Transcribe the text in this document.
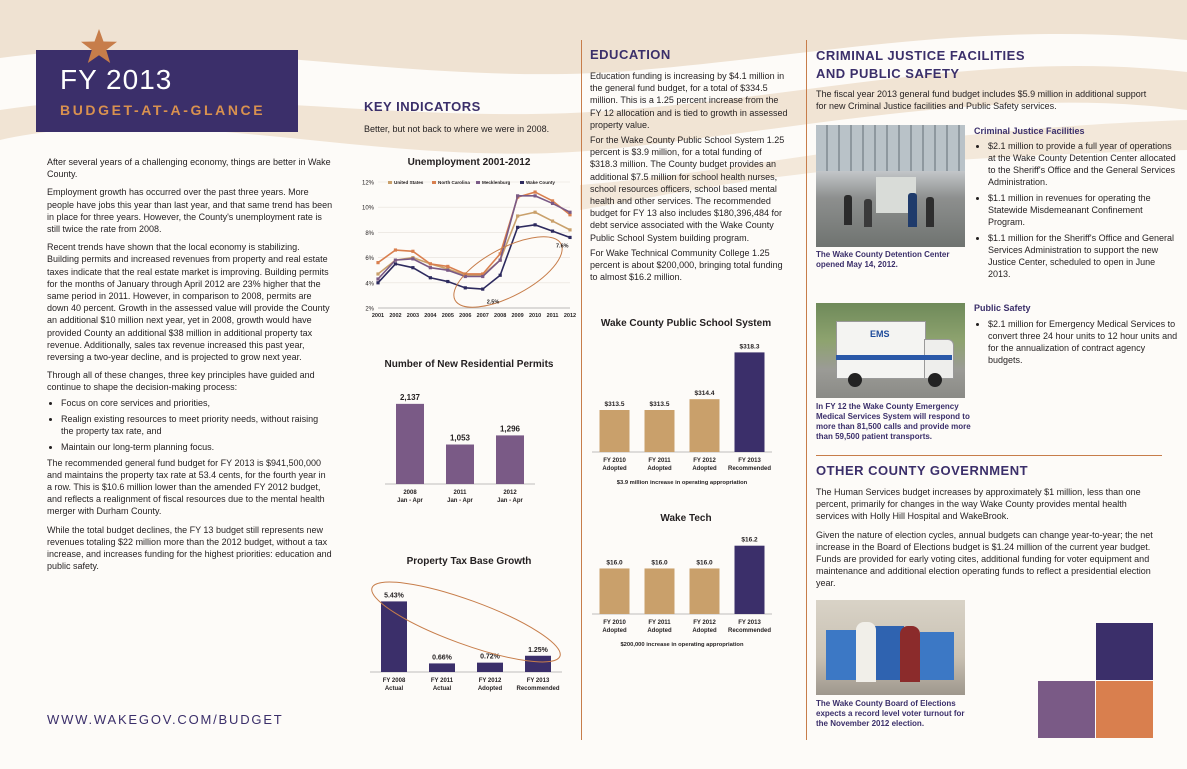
FY 2013
BUDGET-AT-A-GLANCE

After several years of a challenging economy, things are better in Wake County.

Employment growth has occurred over the past three years. More people have jobs this year than last year, and that same trend has been in place for three years. However, the County's unemployment rate is still twice the rate from 2008.

Recent trends have shown that the local economy is stabilizing. Building permits and increased revenues from property and real estate taxes indicate that the real estate market is improving. Building permits for the months of January through April 2012 are 23% higher that the same period in 2011. However, in comparison to 2008, permits are down 40 percent. Growth in the assessed value will provide the County an additional $10 million next year, yet in 2008, growth would have provided County an additional $38 million in additional property tax revenue. Additionally, sales tax revenue increased this past year, reversing a two-year decline, and is projected to grow next year.

Through all of these changes, three key principles have guided and continue to shape the decision-making process:

• Focus on core services and priorities,
• Realign existing resources to meet priority needs, without raising the property tax rate, and
• Maintain our long-term planning focus.

The recommended general fund budget for FY 2013 is $941,500,000 and maintains the property tax rate at 53.4 cents, for the fourth year in a row. This is $10.6 million lower than the amended FY 2012 budget, and reflects a realignment of fiscal resources due to the mental health merger with Durham County.

While the total budget declines, the FY 13 budget still represents new revenues totaling $22 million more than the 2012 budget, without a tax increase, and increases funding for the highest priorities: education and public safety.

WWW.WAKEGOV.COM/BUDGET
KEY INDICATORS
Better, but not back to where we were in 2008.
Unemployment 2001-2012
12%
10%
8%
6%
4%
2%
2001 2002 2003 2004 2005 2006 2007 2008 2009 2010 2011 2012
United States	North Carolina	Mecklenburg	Wake County
2.5%
7.6%
Number of New Residential Permits
2,137
2008
Jan - Apr
1,053
2011
Jan - Apr
1,296
2012
Jan - Apr
Property Tax Base Growth
5.43%
FY 2008
Actual
0.66%
FY 2011
Actual
0.72%
FY 2012
Adopted
1.25%
FY 2013
Recommended
EDUCATION

Education funding is increasing by $4.1 million in the general fund budget, for a total of $334.5 million. This is a 1.25 percent increase from the FY 12 allocation and is tied to growth in assessed property value.

For the Wake County Public School System 1.25 percent is $3.9 million, for a total funding of $318.3 million. The County budget provides an additional $7.5 million for school health nurses, school resources officers, school based mental health and other services. The recommended budget for FY 13 also includes $180,396,484 for debt service associated with the Wake County Public School System building program.

For Wake Technical Community College 1.25 percent is about $200,000, bringing total funding to almost $16.2 million.

Wake County Public School System
$313.5
FY 2010
Adopted
$313.5
FY 2011
Adopted
$314.4
FY 2012
Adopted
$318.3
FY 2013
Recommended
$3.9 million increase in operating appropriation
Wake Tech
$16.0
FY 2010
Adopted
$16.0
FY 2011
Adopted
$16.0
FY 2012
Adopted
$16.2
FY 2013
Recommended
$200,000 increase in operating appropriation
CRIMINAL JUSTICE FACILITIES
AND PUBLIC SAFETY

The fiscal year 2013 general fund budget includes $5.9 million in additional support for new Criminal Justice facilities and Public Safety services.

The Wake County Detention Center opened May 14, 2012.
Criminal Justice Facilities
• $2.1 million to provide a full year of operations at the Wake County Detention Center allocated to the Sheriff's Office and the General Services Administration.
• $1.1 million in revenues for operating the Statewide Misdemeanant Confinement Program.
• $1.1 million for the Sheriff's Office and General Services Administration to support the new Justice Center, scheduled to open in June 2013.
EMS
In FY 12 the Wake County Emergency Medical Services System will respond to more than 81,500 calls and provide more than 59,500 patient transports.
Public Safety
• $2.1 million for Emergency Medical Services to convert three 24 hour units to 12 hour units and for the annualization of contract agency budgets.
OTHER COUNTY GOVERNMENT

The Human Services budget increases by approximately $1 million, less than one percent, primarily for changes in the way Wake County provides mental health services with Holly Hill Hospital and WakeBrook.

Given the nature of election cycles, annual budgets can change year-to-year; the net increase in the Board of Elections budget is $1.24 million of the current year budget. Funds are provided for early voting cites, additional funding for voter equipment and maintenance and additional election operating funds to reflect a presidential election year.

The Wake County Board of Elections expects a record level voter turnout for the November 2012 election.
